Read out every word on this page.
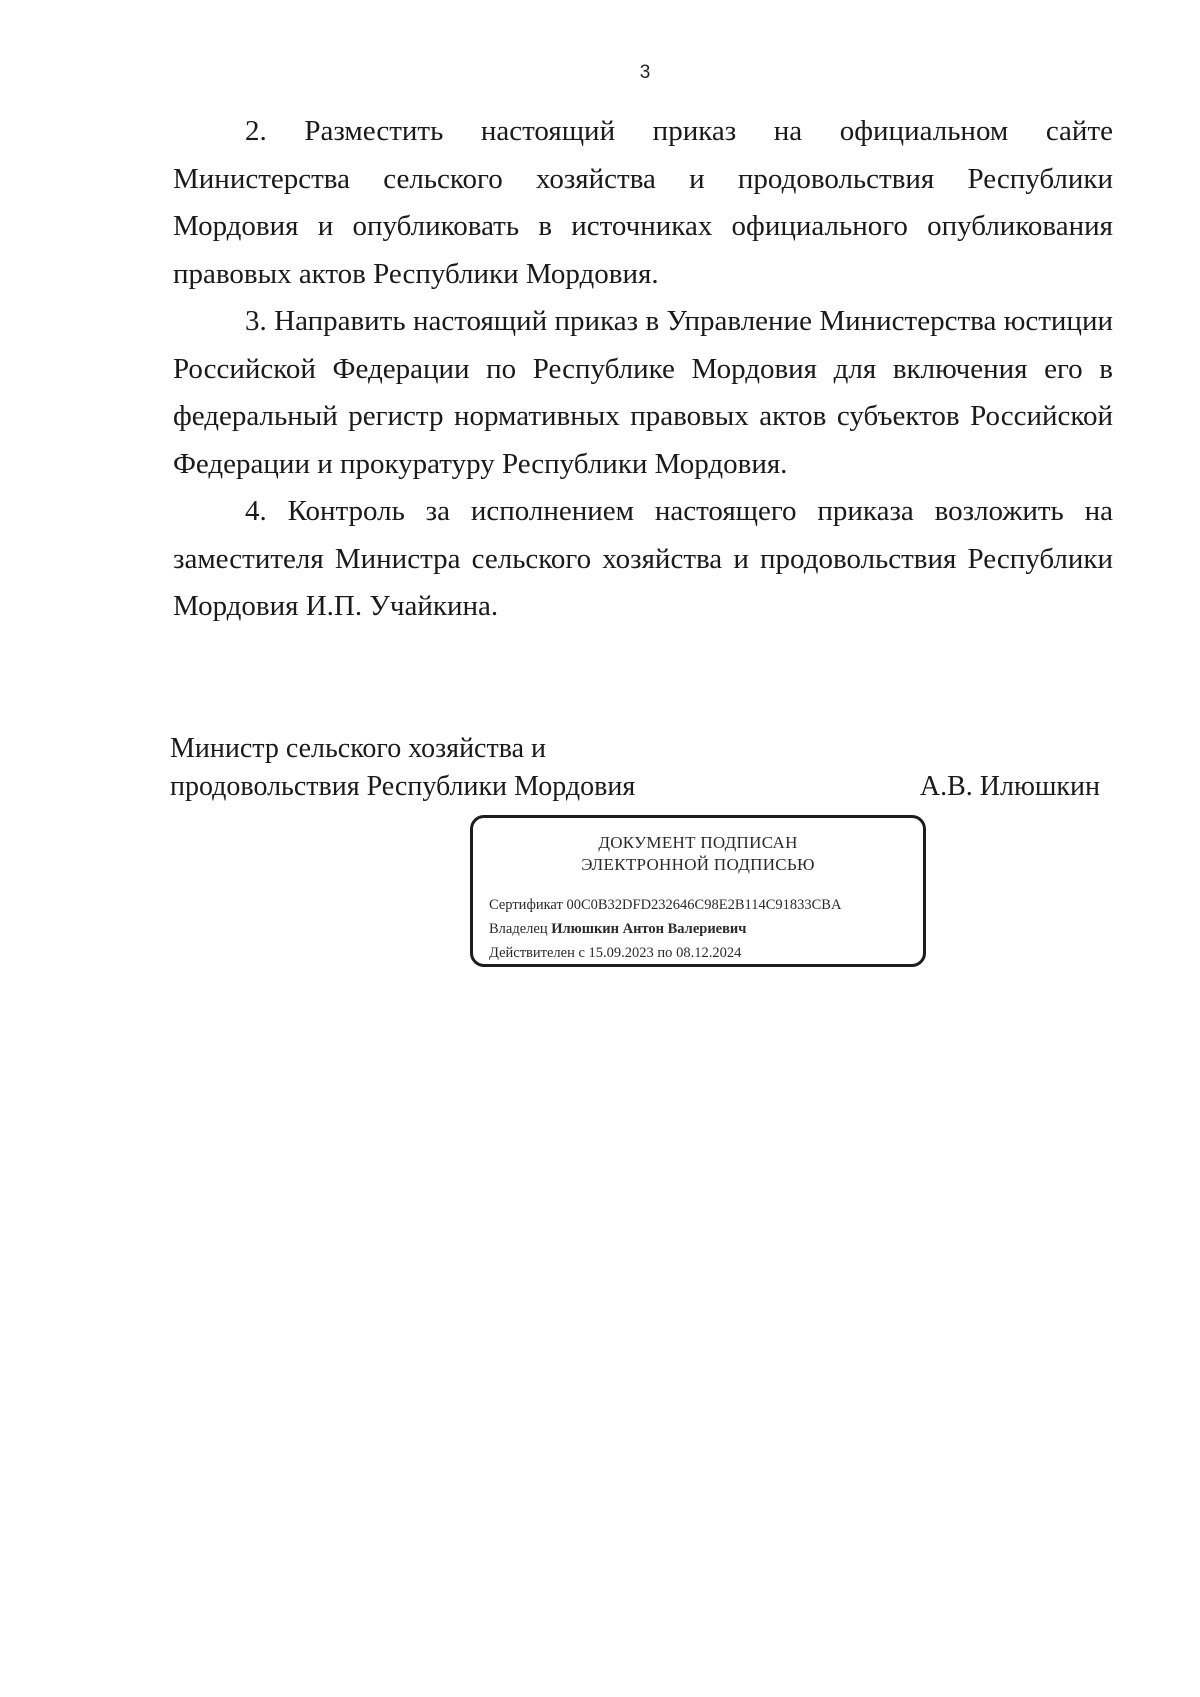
3

2. Разместить настоящий приказ на официальном сайте Министерства сельского хозяйства и продовольствия Республики Мордовия и опубликовать в источниках официального опубликования правовых актов Республики Мордовия.

3. Направить настоящий приказ в Управление Министерства юстиции Российской Федерации по Республике Мордовия для включения его в федеральный регистр нормативных правовых актов субъектов Российской Федерации и прокуратуру Республики Мордовия.

4. Контроль за исполнением настоящего приказа возложить на заместителя Министра сельского хозяйства и продовольствия Республики Мордовия И.П. Учайкина.

Министр сельского хозяйства и
продовольствия Республики Мордовия	А.В. Илюшкин
ДОКУМЕНТ ПОДПИСАН
ЭЛЕКТРОННОЙ ПОДПИСЬЮ
Сертификат 00C0B32DFD232646C98E2B114C91833CBA
Владелец Илюшкин Антон Валериевич
Действителен с 15.09.2023 по 08.12.2024
